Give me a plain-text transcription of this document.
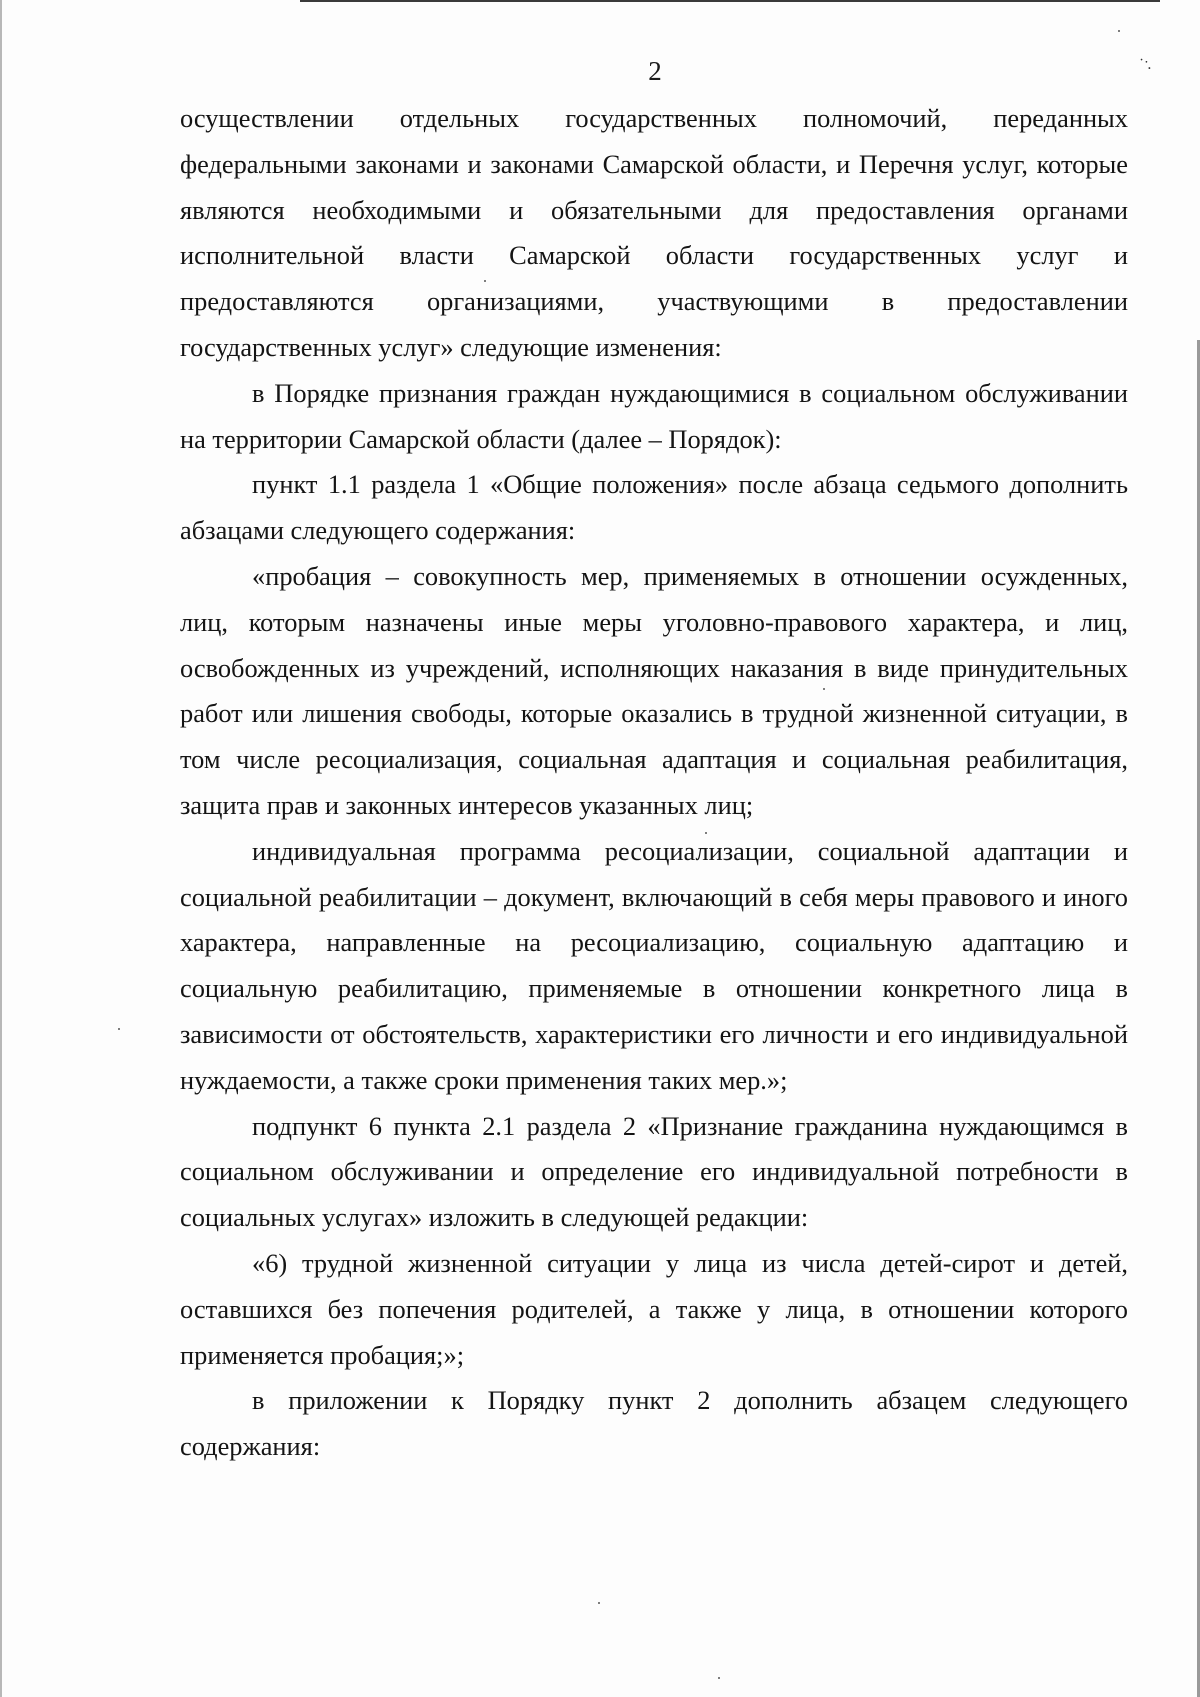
2	˙˙·

осуществлении отдельных государственных полномочий, переданных федеральными законами и законами Самарской области, и Перечня услуг, которые являются необходимыми и обязательными для предоставления органами исполнительной власти Самарской области государственных услуг и предоставляются организациями, участвующими в предоставлении государственных услуг» следующие изменения:

в Порядке признания граждан нуждающимися в социальном обслуживании на территории Самарской области (далее – Порядок):

пункт 1.1 раздела 1 «Общие положения» после абзаца седьмого дополнить абзацами следующего содержания:

«пробация – совокупность мер, применяемых в отношении осужденных, лиц, которым назначены иные меры уголовно-правового характера, и лиц, освобожденных из учреждений, исполняющих наказания в виде принудительных работ или лишения свободы, которые оказались в трудной жизненной ситуации, в том числе ресоциализация, социальная адаптация и социальная реабилитация, защита прав и законных интересов указанных лиц;

индивидуальная программа ресоциализации, социальной адаптации и социальной реабилитации – документ, включающий в себя меры правового и иного характера, направленные на ресоциализацию, социальную адаптацию и социальную реабилитацию, применяемые в отношении конкретного лица в зависимости от обстоятельств, характеристики его личности и его индивидуальной нуждаемости, а также сроки применения таких мер.»;

подпункт 6 пункта 2.1 раздела 2 «Признание гражданина нуждающимся в социальном обслуживании и определение его индивидуальной потребности в социальных услугах» изложить в следующей редакции:

«6) трудной жизненной ситуации у лица из числа детей-сирот и детей, оставшихся без попечения родителей, а также у лица, в отношении которого применяется пробация;»;

в приложении к Порядку пункт 2 дополнить абзацем следующего содержания:
